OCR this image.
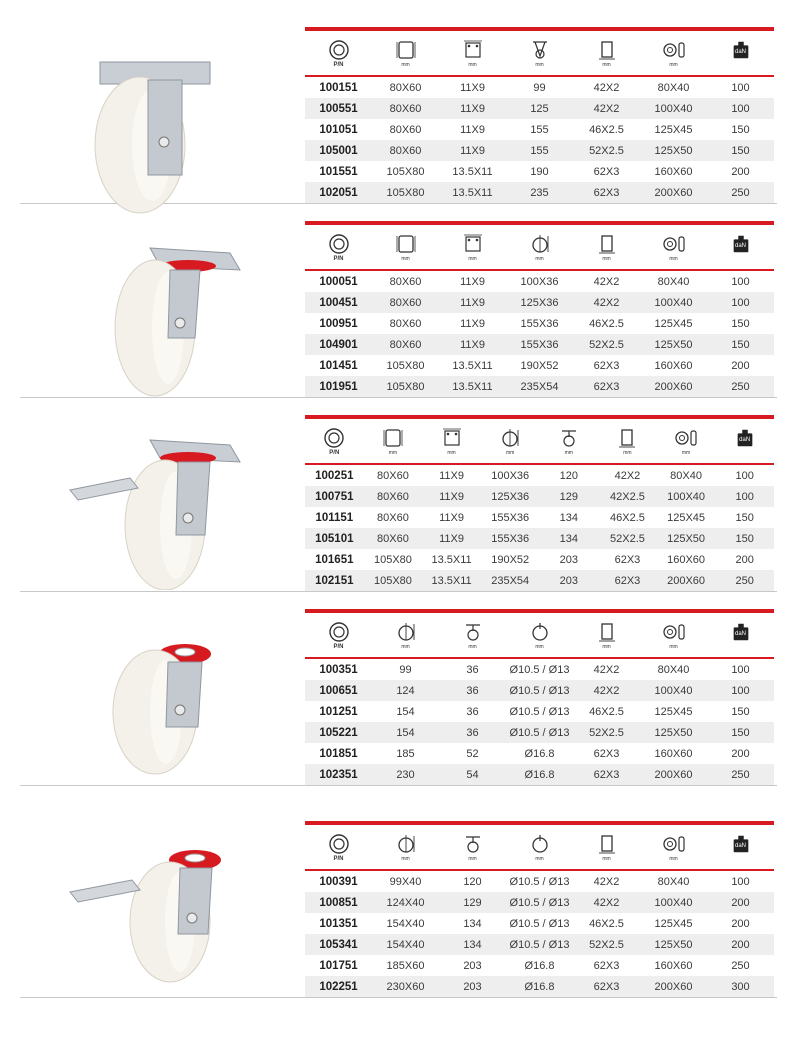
P/N	mm	mm	mm	mm	mm	daN

100151	80X60	11X9	99	42X2	80X40	100
100551	80X60	11X9	125	42X2	100X40	100
101051	80X60	11X9	155	46X2.5	125X45	150
105001	80X60	11X9	155	52X2.5	125X50	150
101551	105X80	13.5X11	190	62X3	160X60	200
102051	105X80	13.5X11	235	62X3	200X60	250

P/N	mm	mm	mm	mm	mm	daN

100051	80X60	11X9	100X36	42X2	80X40	100
100451	80X60	11X9	125X36	42X2	100X40	100
100951	80X60	11X9	155X36	46X2.5	125X45	150
104901	80X60	11X9	155X36	52X2.5	125X50	150
101451	105X80	13.5X11	190X52	62X3	160X60	200
101951	105X80	13.5X11	235X54	62X3	200X60	250

P/N	mm	mm	mm	mm	mm	mm	daN

100251	80X60	11X9	100X36	120	42X2	80X40	100
100751	80X60	11X9	125X36	129	42X2.5	100X40	100
101151	80X60	11X9	155X36	134	46X2.5	125X45	150
105101	80X60	11X9	155X36	134	52X2.5	125X50	150
101651	105X80	13.5X11	190X52	203	62X3	160X60	200
102151	105X80	13.5X11	235X54	203	62X3	200X60	250

P/N	mm	mm	mm	mm	mm	daN

100351	99	36	Ø10.5 / Ø13	42X2	80X40	100
100651	124	36	Ø10.5 / Ø13	42X2	100X40	100
101251	154	36	Ø10.5 / Ø13	46X2.5	125X45	150
105221	154	36	Ø10.5 / Ø13	52X2.5	125X50	150
101851	185	52	Ø16.8	62X3	160X60	200
102351	230	54	Ø16.8	62X3	200X60	250

P/N	mm	mm	mm	mm	mm	daN

100391	99X40	120	Ø10.5 / Ø13	42X2	80X40	100
100851	124X40	129	Ø10.5 / Ø13	42X2	100X40	200
101351	154X40	134	Ø10.5 / Ø13	46X2.5	125X45	200
105341	154X40	134	Ø10.5 / Ø13	52X2.5	125X50	200
101751	185X60	203	Ø16.8	62X3	160X60	250
102251	230X60	203	Ø16.8	62X3	200X60	300
